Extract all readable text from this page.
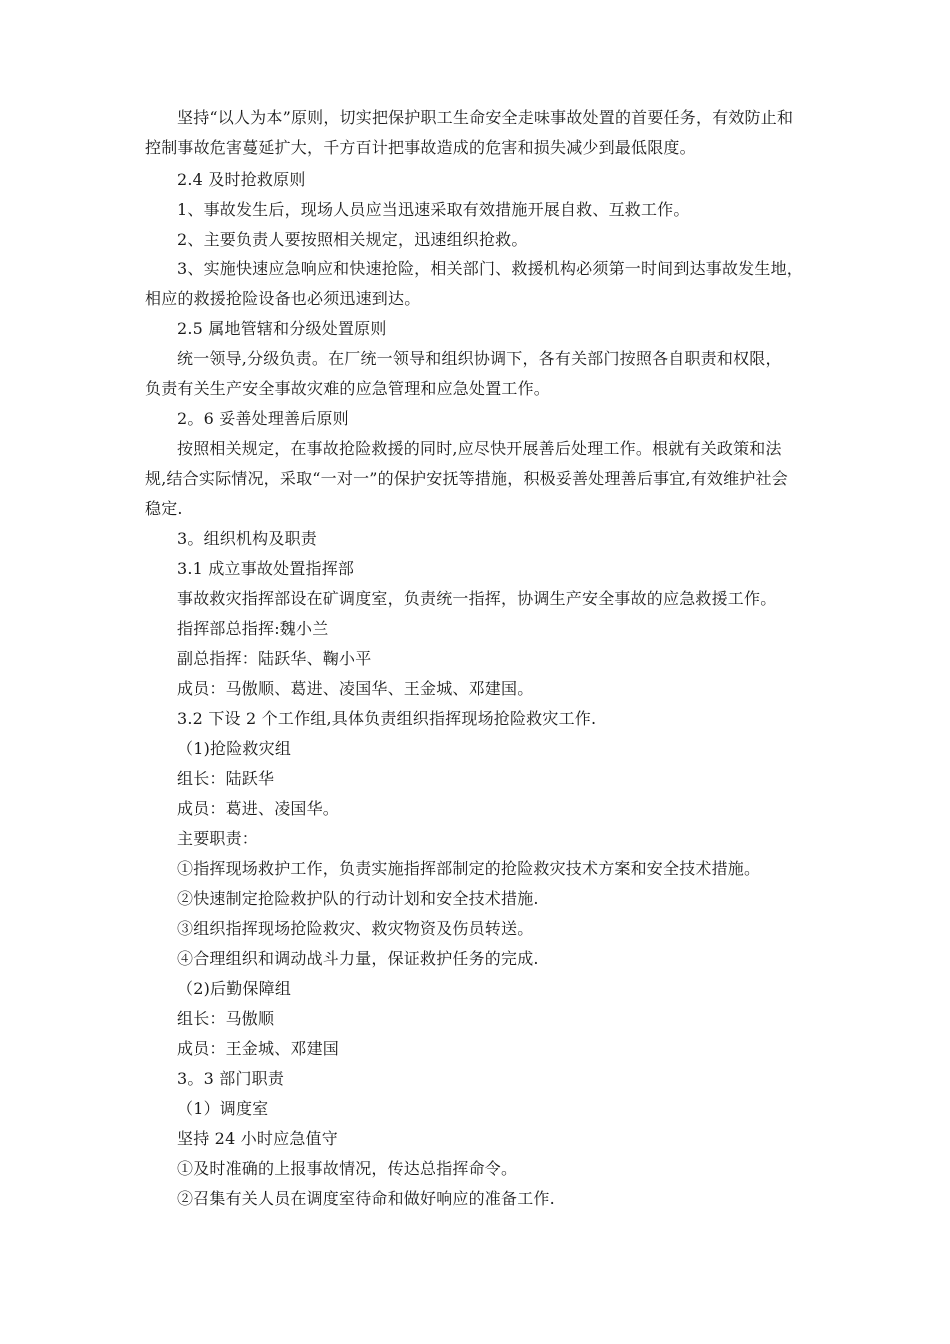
坚持“以人为本”原则，切实把保护职工生命安全走味事故处置的首要任务，有效防止和
控制事故危害蔓延扩大，千方百计把事故造成的危害和损失减少到最低限度。
2.4 及时抢救原则
1、事故发生后，现场人员应当迅速采取有效措施开展自救、互救工作。
2、主要负责人要按照相关规定，迅速组织抢救。
3、实施快速应急响应和快速抢险，相关部门、救援机构必须第一时间到达事故发生地，
相应的救援抢险设备也必须迅速到达。
2.5 属地管辖和分级处置原则
统一领导,分级负责。在厂统一领导和组织协调下，各有关部门按照各自职责和权限，
负责有关生产安全事故灾难的应急管理和应急处置工作。
2。6 妥善处理善后原则
按照相关规定，在事故抢险救援的同时,应尽快开展善后处理工作。根就有关政策和法
规,结合实际情况，采取“一对一”的保护安抚等措施，积极妥善处理善后事宜,有效维护社会
稳定.
3。组织机构及职责
3.1 成立事故处置指挥部
事故救灾指挥部设在矿调度室，负责统一指挥，协调生产安全事故的应急救援工作。
指挥部总指挥:魏小兰
副总指挥：陆跃华、鞠小平
成员：马傲顺、葛进、凌国华、王金城、邓建国。
3.2 下设 2 个工作组,具体负责组织指挥现场抢险救灾工作.
（1)抢险救灾组
组长：陆跃华
成员：葛进、凌国华。
主要职责：
①指挥现场救护工作，负责实施指挥部制定的抢险救灾技术方案和安全技术措施。
②快速制定抢险救护队的行动计划和安全技术措施.
③组织指挥现场抢险救灾、救灾物资及伤员转送。
④合理组织和调动战斗力量，保证救护任务的完成.
（2)后勤保障组
组长：马傲顺
成员：王金城、邓建国
3。3 部门职责
（1）调度室
坚持 24 小时应急值守
①及时准确的上报事故情况，传达总指挥命令。
②召集有关人员在调度室待命和做好响应的准备工作.
